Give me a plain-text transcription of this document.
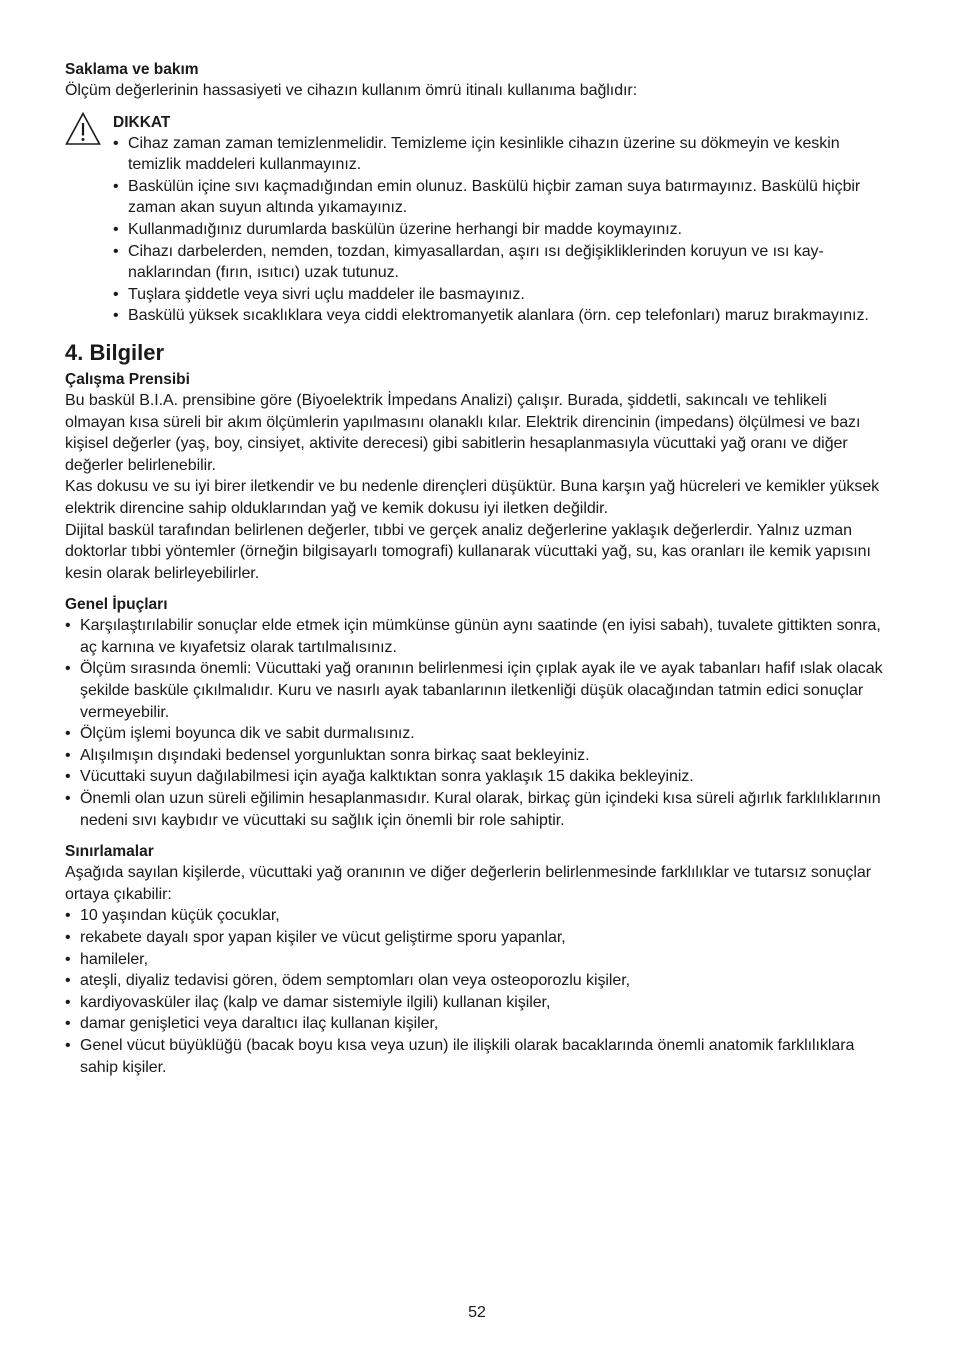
Saklama ve bakım

Ölçüm değerlerinin hassasiyeti ve cihazın kullanım ömrü itinalı kullanıma bağlıdır:

DIKKAT

• Cihaz zaman zaman temizlenmelidir. Temizleme için kesinlikle cihazın üzerine su dökmeyin ve keskin temizlik maddeleri kullanmayınız.
• Baskülün içine sıvı kaçmadığından emin olunuz. Baskülü hiçbir zaman suya batırmayınız. Baskülü hiçbir zaman akan suyun altında yıkamayınız.
• Kullanmadığınız durumlarda baskülün üzerine herhangi bir madde koymayınız.
• Cihazı darbelerden, nemden, tozdan, kimyasallardan, aşırı ısı değişikliklerinden koruyun ve ısı kaynaklarından (fırın, ısıtıcı) uzak tutunuz.
• Tuşlara şiddetle veya sivri uçlu maddeler ile basmayınız.
• Baskülü yüksek sıcaklıklara veya ciddi elektromanyetik alanlara (örn. cep telefonları) maruz bırakmayınız.
4. Bilgiler

Çalışma Prensibi

Bu baskül B.I.A. prensibine göre (Biyoelektrik İmpedans Analizi) çalışır. Burada, şiddetli, sakıncalı ve tehlikeli olmayan kısa süreli bir akım ölçümlerin yapılmasını olanaklı kılar. Elektrik direncinin (impedans) ölçülmesi ve bazı kişisel değerler (yaş, boy, cinsiyet, aktivite derecesi) gibi sabitlerin hesaplanmasıyla vücuttaki yağ oranı ve diğer değerler belirlenebilir.

Kas dokusu ve su iyi birer iletkendir ve bu nedenle dirençleri düşüktür. Buna karşın yağ hücreleri ve kemikler yüksek elektrik direncine sahip olduklarından yağ ve kemik dokusu iyi iletken değildir.

Dijital baskül tarafından belirlenen değerler, tıbbi ve gerçek analiz değerlerine yaklaşık değerlerdir. Yalnız uzman doktorlar tıbbi yöntemler (örneğin bilgisayarlı tomografi) kullanarak vücuttaki yağ, su, kas oranları ile kemik yapısını kesin olarak belirleyebilirler.

Genel İpuçları

• Karşılaştırılabilir sonuçlar elde etmek için mümkünse günün aynı saatinde (en iyisi sabah), tuvalete gittikten sonra, aç karnına ve kıyafetsiz olarak tartılmalısınız.
• Ölçüm sırasında önemli: Vücuttaki yağ oranının belirlenmesi için çıplak ayak ile ve ayak tabanları hafif ıslak olacak şekilde basküle çıkılmalıdır. Kuru ve nasırlı ayak tabanlarının iletkenliği düşük olacağından tatmin edici sonuçlar vermeyebilir.
• Ölçüm işlemi boyunca dik ve sabit durmalısınız.
• Alışılmışın dışındaki bedensel yorgunluktan sonra birkaç saat bekleyiniz.
• Vücuttaki suyun dağılabilmesi için ayağa kalktıktan sonra yaklaşık 15 dakika bekleyiniz.
• Önemli olan uzun süreli eğilimin hesaplanmasıdır. Kural olarak, birkaç gün içindeki kısa süreli ağırlık farklılıklarının nedeni sıvı kaybıdır ve vücuttaki su sağlık için önemli bir role sahiptir.

Sınırlamalar

Aşağıda sayılan kişilerde, vücuttaki yağ oranının ve diğer değerlerin belirlenmesinde farklılıklar ve tutarsız sonuçlar ortaya çıkabilir:

• 10 yaşından küçük çocuklar,
• rekabete dayalı spor yapan kişiler ve vücut geliştirme sporu yapanlar,
• hamileler,
• ateşli, diyaliz tedavisi gören, ödem semptomları olan veya osteoporozlu kişiler,
• kardiyovasküler ilaç (kalp ve damar sistemiyle ilgili) kullanan kişiler,
• damar genişletici veya daraltıcı ilaç kullanan kişiler,
• Genel vücut büyüklüğü (bacak boyu kısa veya uzun) ile ilişkili olarak bacaklarında önemli anatomik farklılıklara sahip kişiler.
52
